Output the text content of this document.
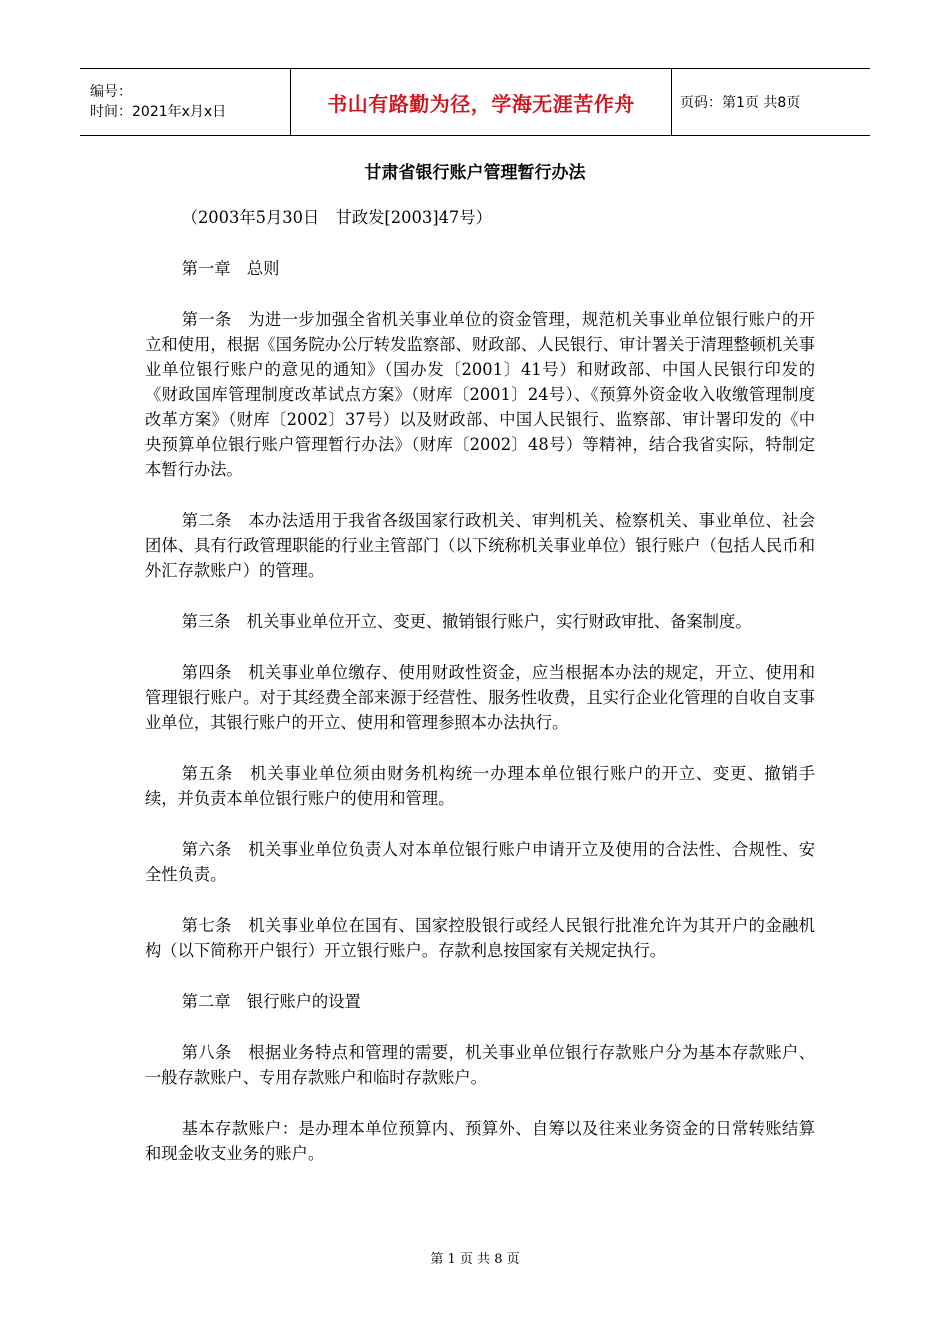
编号：
时间：2021年x月x日	书山有路勤为径，学海无涯苦作舟	页码：第1页 共8页
甘肃省银行账户管理暂行办法

（2003年5月30日　甘政发[2003]47号）

第一章　总则

第一条　为进一步加强全省机关事业单位的资金管理，规范机关事业单位银行账户的开立和使用，根据《国务院办公厅转发监察部、财政部、人民银行、审计署关于清理整顿机关事业单位银行账户的意见的通知》（国办发〔2001〕41号）和财政部、中国人民银行印发的《财政国库管理制度改革试点方案》（财库〔2001〕24号）、《预算外资金收入收缴管理制度改革方案》（财库〔2002〕37号）以及财政部、中国人民银行、监察部、审计署印发的《中央预算单位银行账户管理暂行办法》（财库〔2002〕48号）等精神，结合我省实际，特制定本暂行办法。

第二条　本办法适用于我省各级国家行政机关、审判机关、检察机关、事业单位、社会团体、具有行政管理职能的行业主管部门（以下统称机关事业单位）银行账户（包括人民币和外汇存款账户）的管理。

第三条　机关事业单位开立、变更、撤销银行账户，实行财政审批、备案制度。

第四条　机关事业单位缴存、使用财政性资金，应当根据本办法的规定，开立、使用和管理银行账户。对于其经费全部来源于经营性、服务性收费，且实行企业化管理的自收自支事业单位，其银行账户的开立、使用和管理参照本办法执行。

第五条　机关事业单位须由财务机构统一办理本单位银行账户的开立、变更、撤销手续，并负责本单位银行账户的使用和管理。

第六条　机关事业单位负责人对本单位银行账户申请开立及使用的合法性、合规性、安全性负责。

第七条　机关事业单位在国有、国家控股银行或经人民银行批准允许为其开户的金融机构（以下简称开户银行）开立银行账户。存款利息按国家有关规定执行。

第二章　银行账户的设置

第八条　根据业务特点和管理的需要，机关事业单位银行存款账户分为基本存款账户、一般存款账户、专用存款账户和临时存款账户。

基本存款账户：是办理本单位预算内、预算外、自筹以及往来业务资金的日常转账结算和现金收支业务的账户。

第 1 页 共 8 页
